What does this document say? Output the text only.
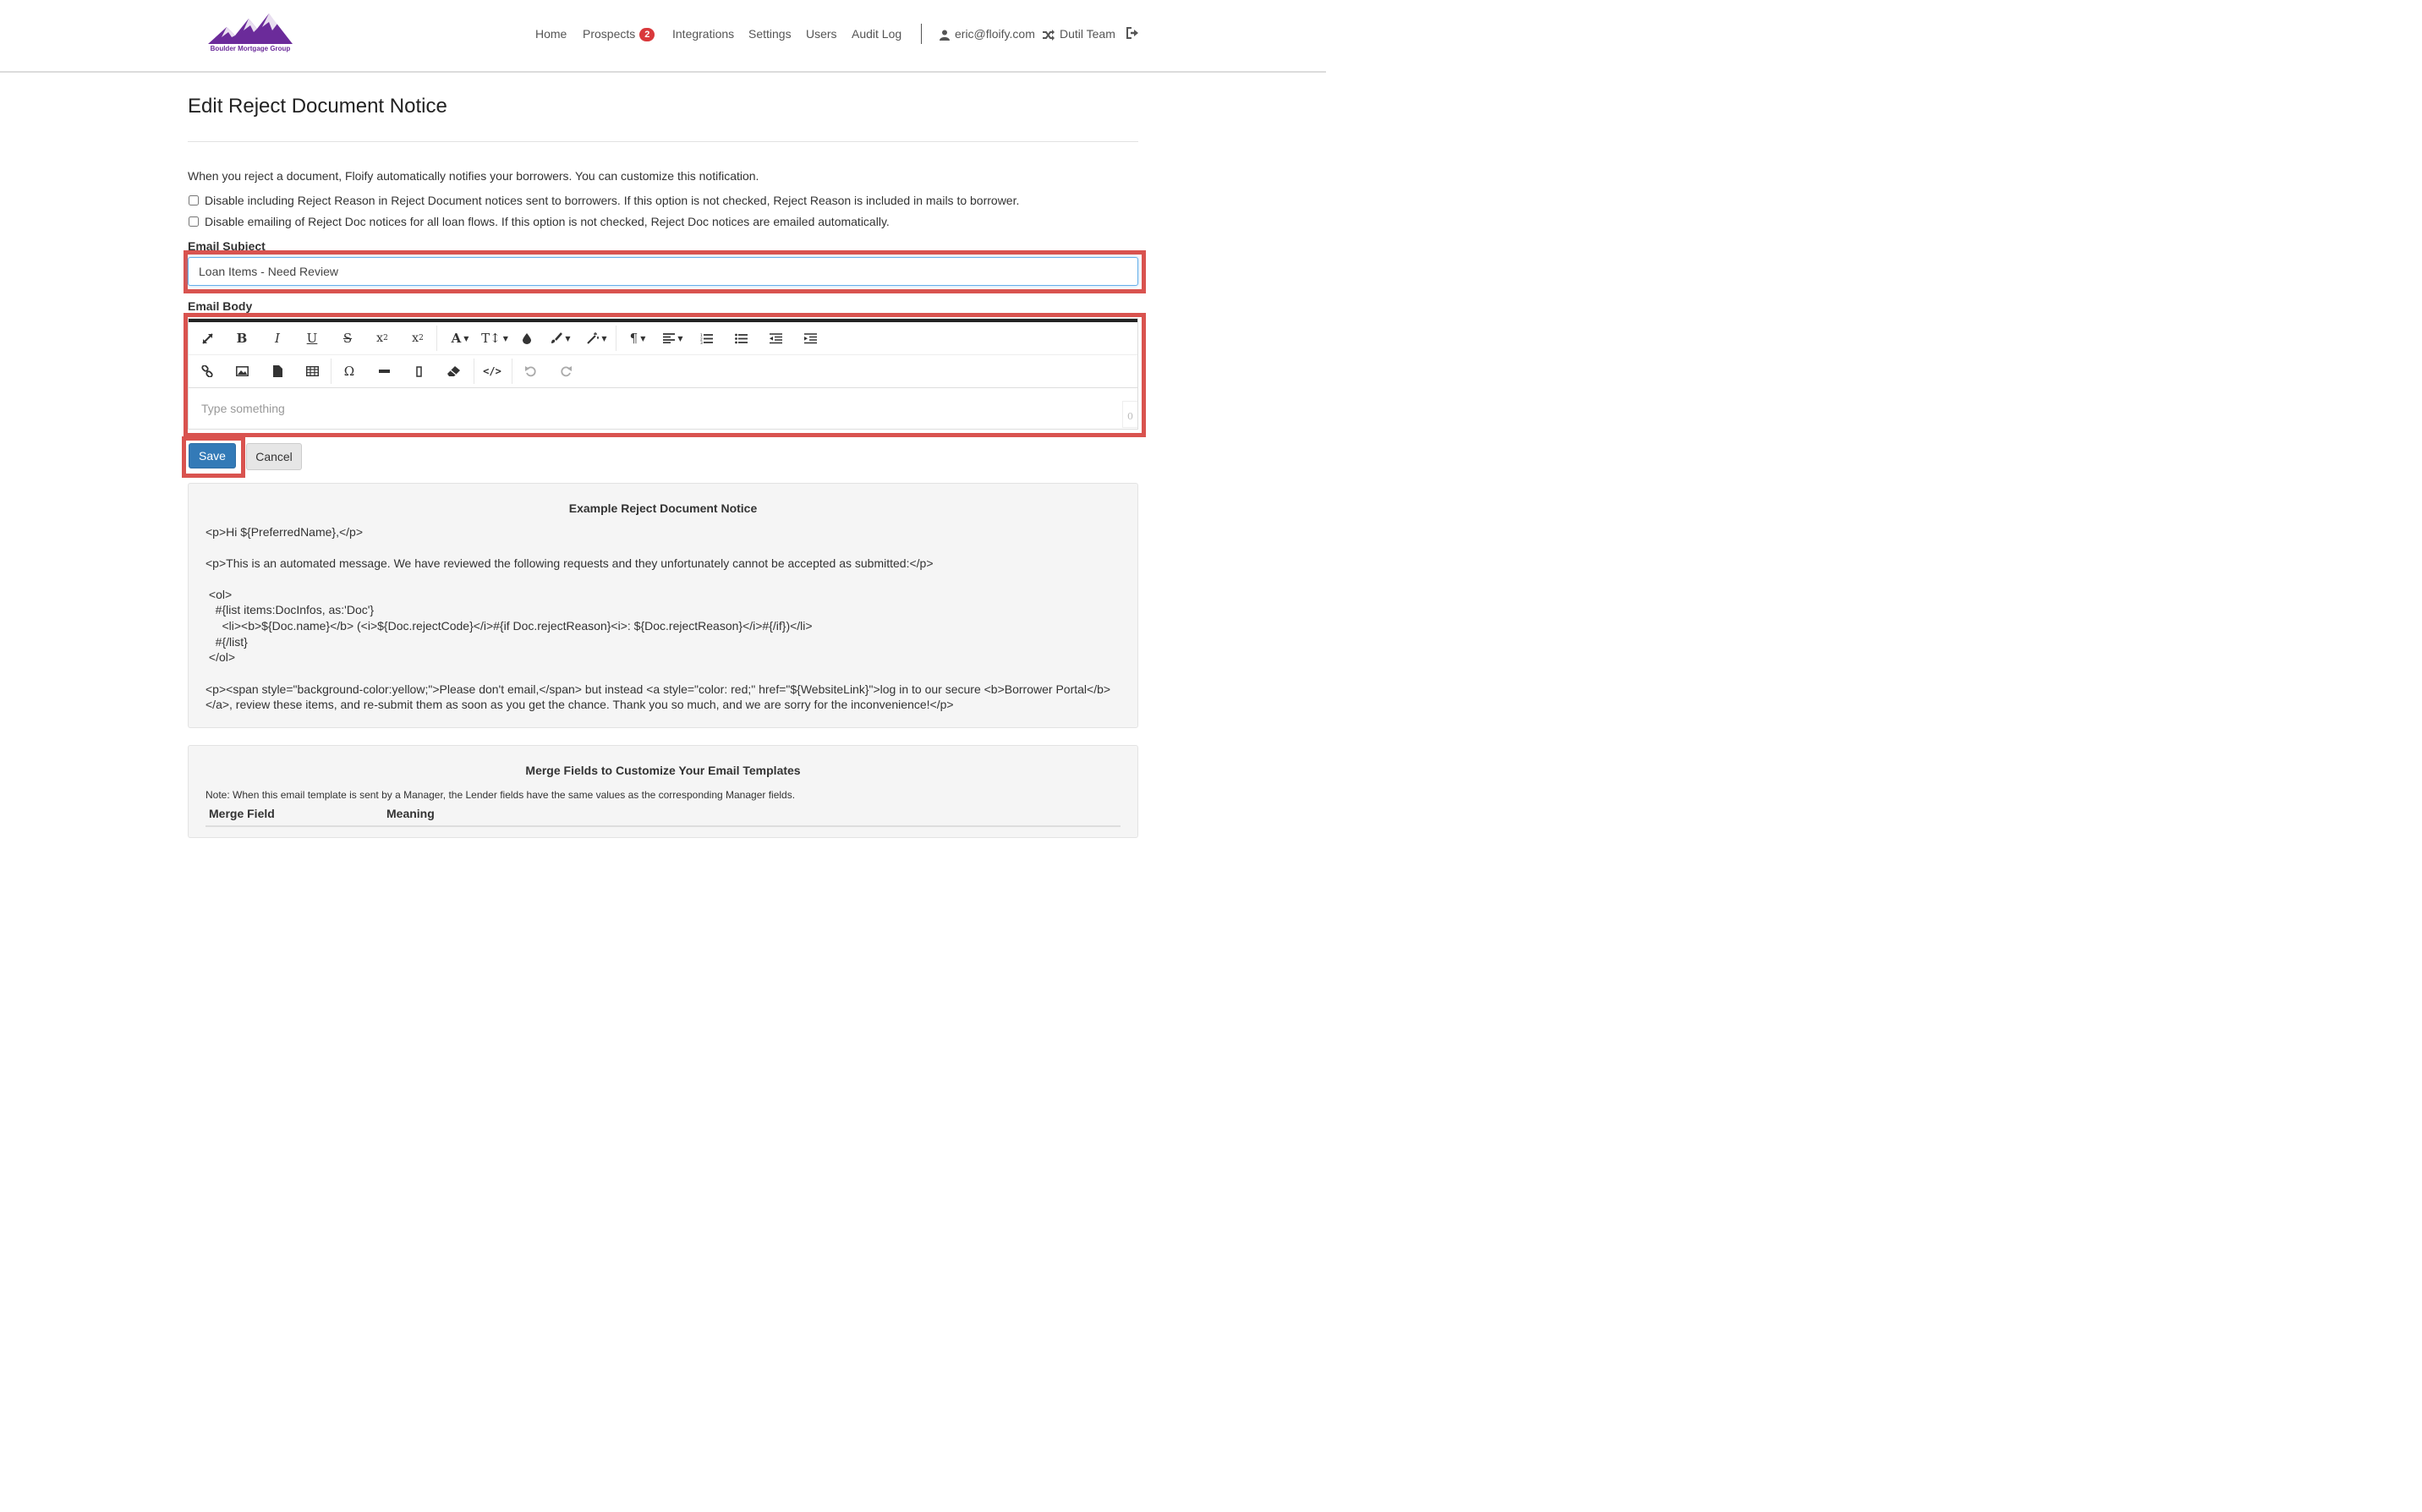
Boulder Mortgage Group
Home Prospects 2	Integrations Settings Users Audit Log	eric@floify.com	Dutil Team
Edit Reject Document Notice
When you reject a document, Floify automatically notifies your borrowers. You can customize this notification.
Disable including Reject Reason in Reject Document notices sent to borrowers. If this option is not checked, Reject Reason is included in mails to borrower.
Disable emailing of Reject Doc notices for all loan flows. If this option is not checked, Reject Doc notices are emailed automatically.
Email Subject
Loan Items - Need Review
Email Body
B	I	U	S	x 2	x 2	A ▼ T↕ ▼	▼	▼	¶ ▼	▼	1
2
3
Ω	</>
Type something
0
Save	Cancel
Example Reject Document Notice
<p>Hi ${PreferredName},</p>
<p>This is an automated message. We have reviewed the following requests and they unfortunately cannot be accepted as submitted:</p>
<ol>
#{list items:DocInfos, as:'Doc'}
<li><b>${Doc.name}</b> (<i>${Doc.rejectCode}</i>#{if Doc.rejectReason}<i>: ${Doc.rejectReason}</i>#{/if})</li>
#{/list}
</ol>
<p><span style="background-color:yellow;">Please don't email,</span> but instead <a style="color: red;" href="${WebsiteLink}">log in to our secure <b>Borrower Portal</b>
</a>, review these items, and re-submit them as soon as you get the chance. Thank you so much, and we are sorry for the inconvenience!</p>
Merge Fields to Customize Your Email Templates
Note: When this email template is sent by a Manager, the Lender fields have the same values as the corresponding Manager fields.
Merge Field	Meaning
